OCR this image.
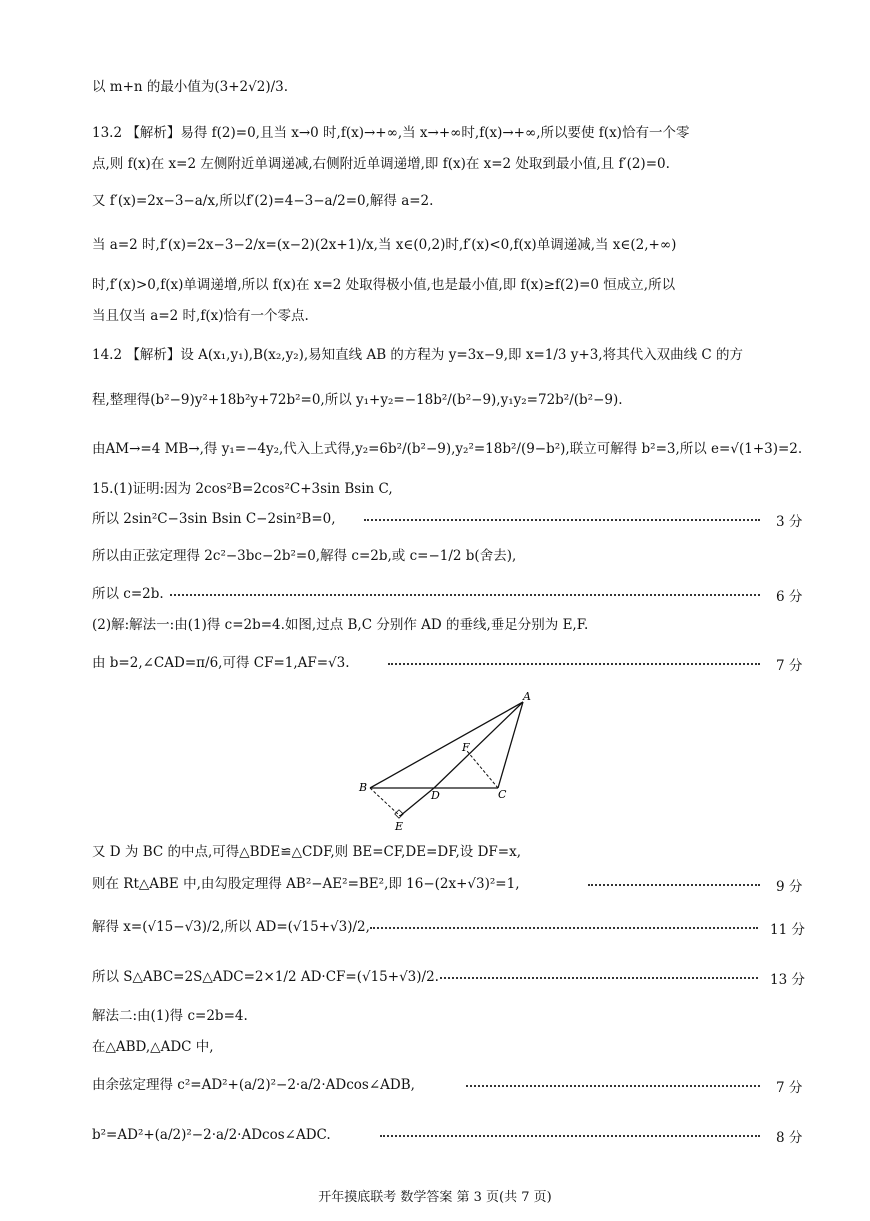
以 m+n 的最小值为(3+2√2)/3.
13.2 【解析】易得 f(2)=0,且当 x→0 时,f(x)→+∞,当 x→+∞时,f(x)→+∞,所以要使 f(x)恰有一个零
点,则 f(x)在 x=2 左侧附近单调递减,右侧附近单调递增,即 f(x)在 x=2 处取到最小值,且 f′(2)=0.
又 f′(x)=2x−3−a/x,所以f′(2)=4−3−a/2=0,解得 a=2.
当 a=2 时,f′(x)=2x−3−2/x=(x−2)(2x+1)/x,当 x∈(0,2)时,f′(x)<0,f(x)单调递减,当 x∈(2,+∞)
时,f′(x)>0,f(x)单调递增,所以 f(x)在 x=2 处取得极小值,也是最小值,即 f(x)≥f(2)=0 恒成立,所以
当且仅当 a=2 时,f(x)恰有一个零点.
14.2 【解析】设 A(x₁,y₁),B(x₂,y₂),易知直线 AB 的方程为 y=3x−9,即 x=1/3 y+3,将其代入双曲线 C 的方
程,整理得(b²−9)y²+18b²y+72b²=0,所以 y₁+y₂=−18b²/(b²−9),y₁y₂=72b²/(b²−9).
由AM→=4 MB→,得 y₁=−4y₂,代入上式得,y₂=6b²/(b²−9),y₂²=18b²/(9−b²),联立可解得 b²=3,所以 e=√(1+3)=2.
15.(1)证明:因为 2cos²B=2cos²C+3sin Bsin C,
所以 2sin²C−3sin Bsin C−2sin²B=0,	3 分
所以由正弦定理得 2c²−3bc−2b²=0,解得 c=2b,或 c=−1/2 b(舍去),
所以 c=2b.	6 分
(2)解:解法一:由(1)得 c=2b=4.如图,过点 B,C 分别作 AD 的垂线,垂足分别为 E,F.
由 b=2,∠CAD=π/6,可得 CF=1,AF=√3.	7 分
A
B
C
D
E
F
又 D 为 BC 的中点,可得△BDE≌△CDF,则 BE=CF,DE=DF,设 DF=x,
则在 Rt△ABE 中,由勾股定理得 AB²−AE²=BE²,即 16−(2x+√3)²=1,	9 分
解得 x=(√15−√3)/2,所以 AD=(√15+√3)/2,	11 分
所以 S△ABC=2S△ADC=2×1/2 AD·CF=(√15+√3)/2.	13 分
解法二:由(1)得 c=2b=4.
在△ABD,△ADC 中,
由余弦定理得 c²=AD²+(a/2)²−2·a/2·ADcos∠ADB,	7 分
b²=AD²+(a/2)²−2·a/2·ADcos∠ADC.	8 分
开年摸底联考 数学答案 第 3 页(共 7 页)
